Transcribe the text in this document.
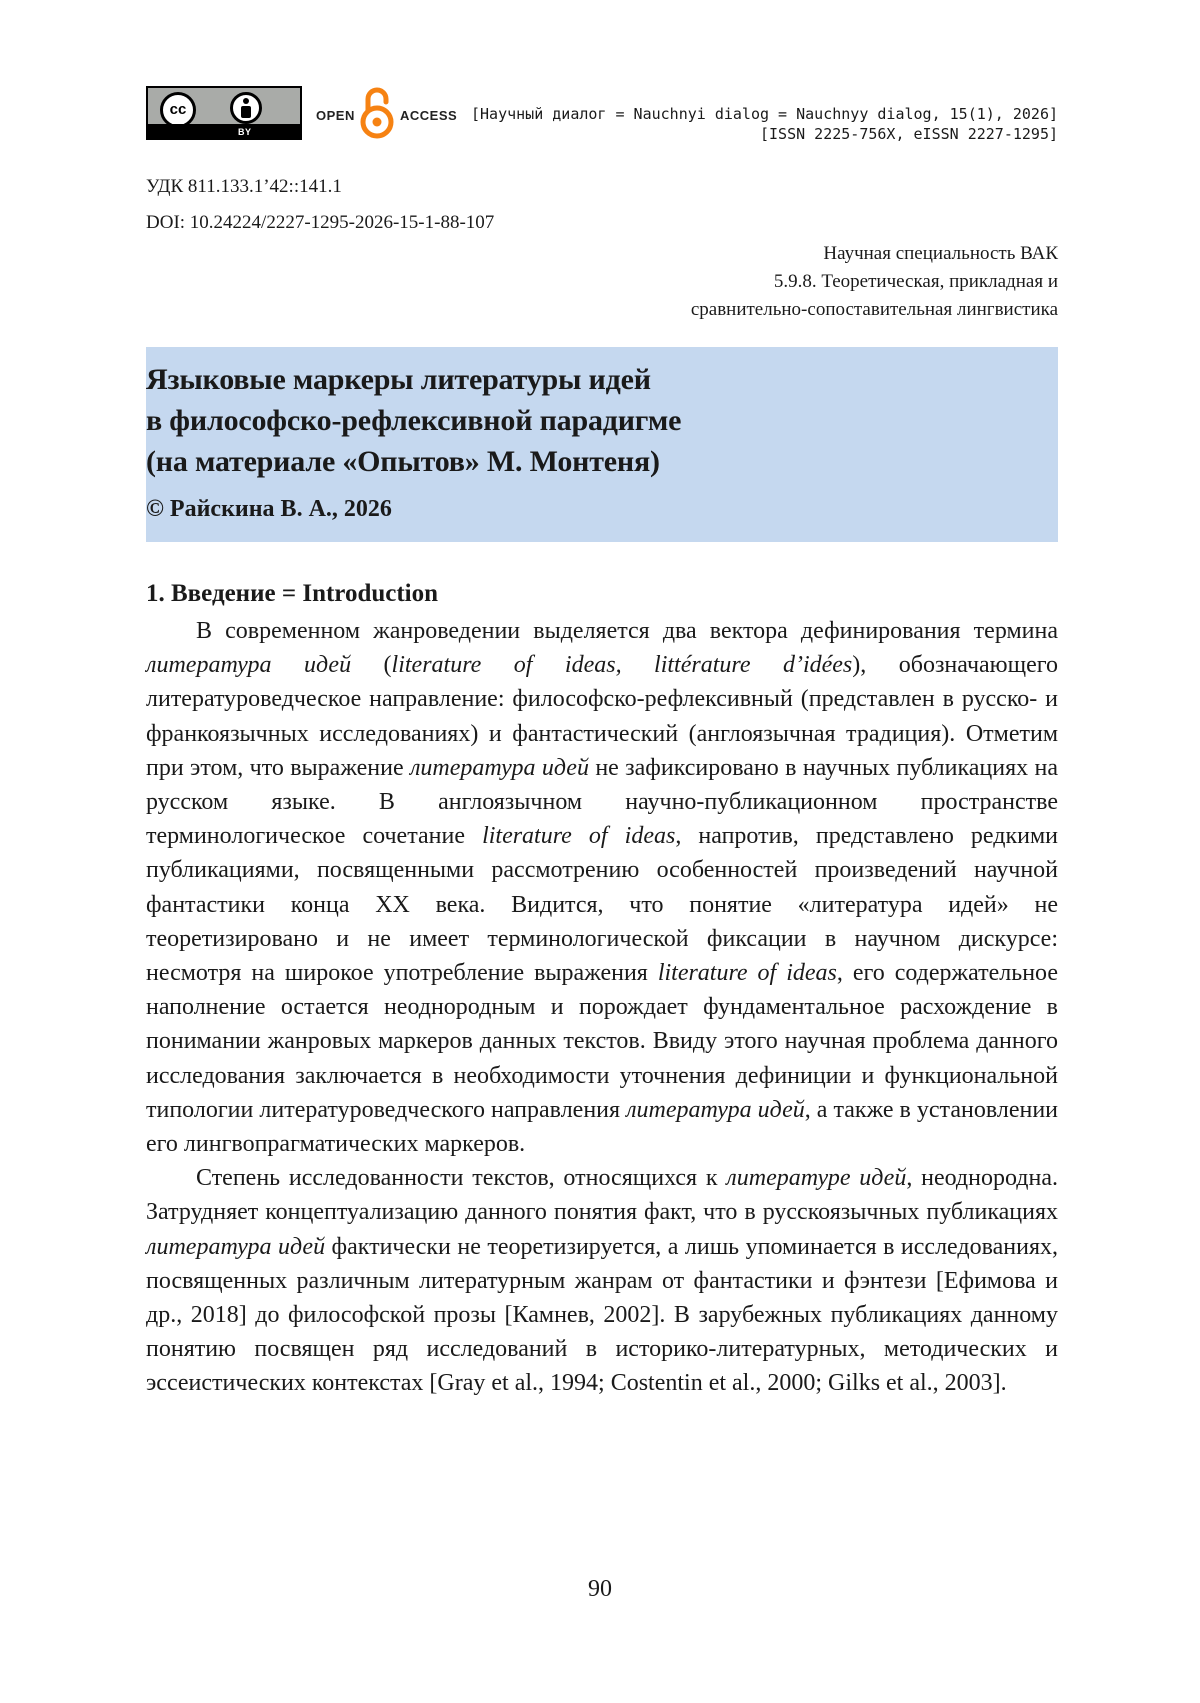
cc
BY
OPEN	ACCESS [Научный диалог = Nauchnyi dialog = Nauchnyy dialog, 15(1), 2026]
[ISSN 2225-756X, eISSN 2227-1295]
УДК 811.133.1’42::141.1
DOI: 10.24224/2227-1295-2026-15-1-88-107
Научная специальность ВАК
5.9.8. Теоретическая, прикладная и
сравнительно-сопоставительная лингвистика
Языковые маркеры литературы идей
в философско-рефлексивной парадигме
(на материале «Опытов» М. Монтеня)
© Райскина В. А., 2026
1. Введение = Introduction

В современном жанроведении выделяется два вектора дефинирования термина литература идей (literature of ideas, littérature d’idées), обозначающего литературоведческое направление: философско-рефлексивный (представлен в русско- и франкоязычных исследованиях) и фантастический (англоязычная традиция). Отметим при этом, что выражение литература идей не зафиксировано в научных публикациях на русском языке. В англоязычном научно-публикационном пространстве терминологическое сочетание literature of ideas, напротив, представлено редкими публикациями, посвященными рассмотрению особенностей произведений научной фантастики конца XX века. Видится, что понятие «литература идей» не теоретизировано и не имеет терминологической фиксации в научном дискурсе: несмотря на широкое употребление выражения literature of ideas, его содержательное наполнение остается неоднородным и порождает фундаментальное расхождение в понимании жанровых маркеров данных текстов. Ввиду этого научная проблема данного исследования заключается в необходимости уточнения дефиниции и функциональной типологии литературоведческого направления литература идей, а также в установлении его лингвопрагматических маркеров.

Степень исследованности текстов, относящихся к литературе идей, неоднородна. Затрудняет концептуализацию данного понятия факт, что в русскоязычных публикациях литература идей фактически не теоретизируется, а лишь упоминается в исследованиях, посвященных различным литературным жанрам от фантастики и фэнтези [Ефимова и др., 2018] до философской прозы [Камнев, 2002]. В зарубежных публикациях данному понятию посвящен ряд исследований в историко-литературных, методических и эссеистических контекстах [Gray et al., 1994; Costentin et al., 2000; Gilks et al., 2003].

90
